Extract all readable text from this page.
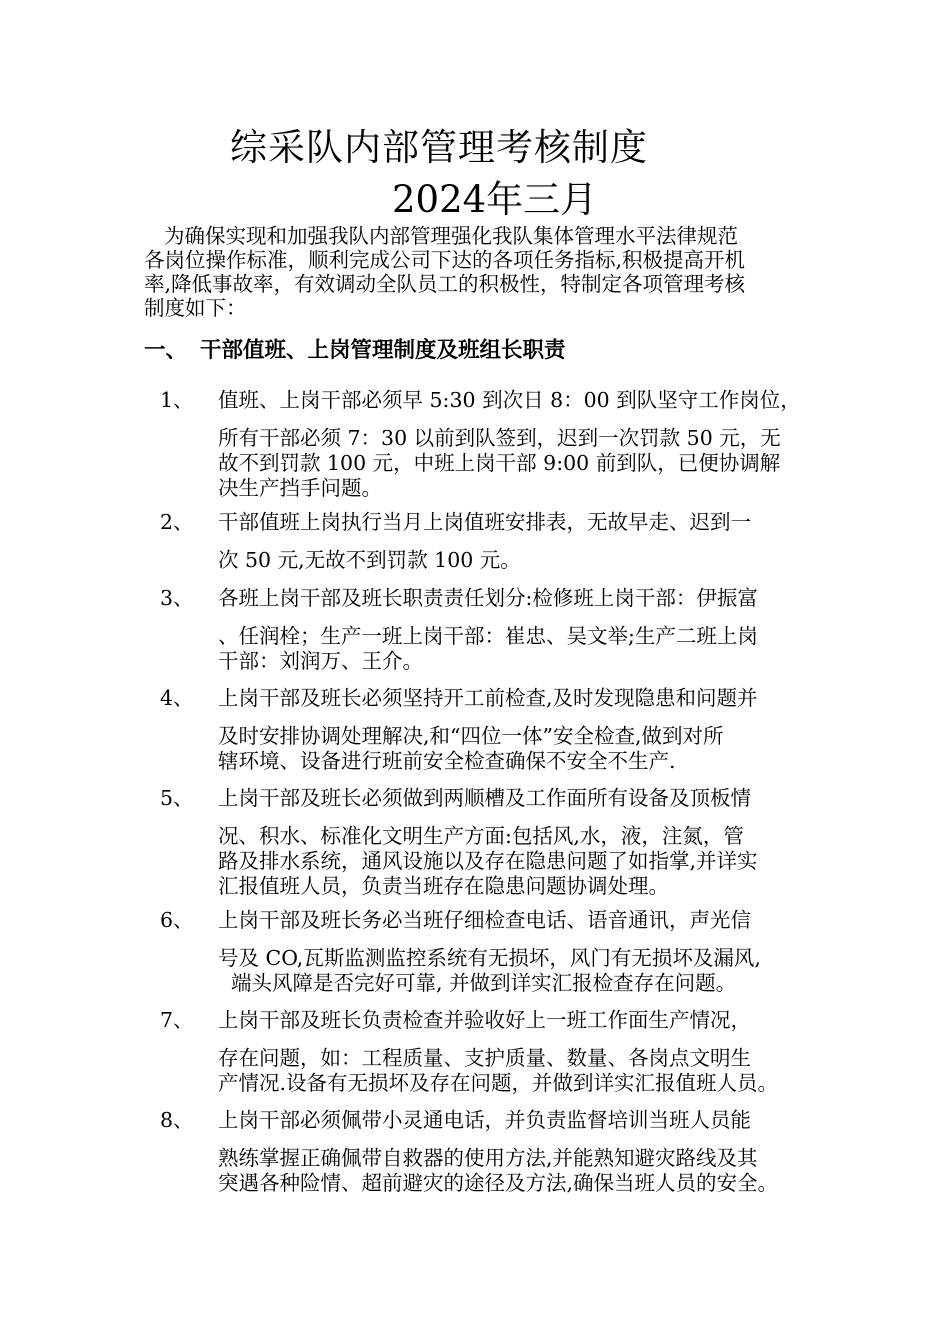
综采队内部管理考核制度
2024年三月
为确保实现和加强我队内部管理强化我队集体管理水平法律规范
各岗位操作标准，顺利完成公司下达的各项任务指标,积极提高开机
率,降低事故率，有效调动全队员工的积极性，特制定各项管理考核
制度如下：
一、 干部值班、上岗管理制度及班组长职责
1、 值班、上岗干部必须早 5:30 到次日 8：00 到队坚守工作岗位，
所有干部必须 7：30 以前到队签到，迟到一次罚款 50 元，无
故不到罚款 100 元，中班上岗干部 9:00 前到队，已便协调解
决生产挡手问题。
2、 干部值班上岗执行当月上岗值班安排表，无故早走、迟到一
次 50 元,无故不到罚款 100 元。
3、 各班上岗干部及班长职责责任划分:检修班上岗干部：伊振富
、任润栓；生产一班上岗干部：崔忠、吴文举;生产二班上岗
干部：刘润万、王介。
4、 上岗干部及班长必须坚持开工前检查,及时发现隐患和问题并
及时安排协调处理解决,和“四位一体”安全检查,做到对所
辖环境、设备进行班前安全检查确保不安全不生产.
5、 上岗干部及班长必须做到两顺槽及工作面所有设备及顶板情
况、积水、标准化文明生产方面:包括风,水，液，注氮，管
路及排水系统，通风设施以及存在隐患问题了如指掌,并详实
汇报值班人员，负责当班存在隐患问题协调处理。
6、 上岗干部及班长务必当班仔细检查电话、语音通讯，声光信
号及 CO,瓦斯监测监控系统有无损坏，风门有无损坏及漏风,
端头风障是否完好可靠, 并做到详实汇报检查存在问题。
7、 上岗干部及班长负责检查并验收好上一班工作面生产情况，
存在问题，如：工程质量、支护质量、数量、各岗点文明生
产情况.设备有无损坏及存在问题，并做到详实汇报值班人员。
8、 上岗干部必须佩带小灵通电话，并负责监督培训当班人员能
熟练掌握正确佩带自救器的使用方法,并能熟知避灾路线及其
突遇各种险情、超前避灾的途径及方法,确保当班人员的安全。
